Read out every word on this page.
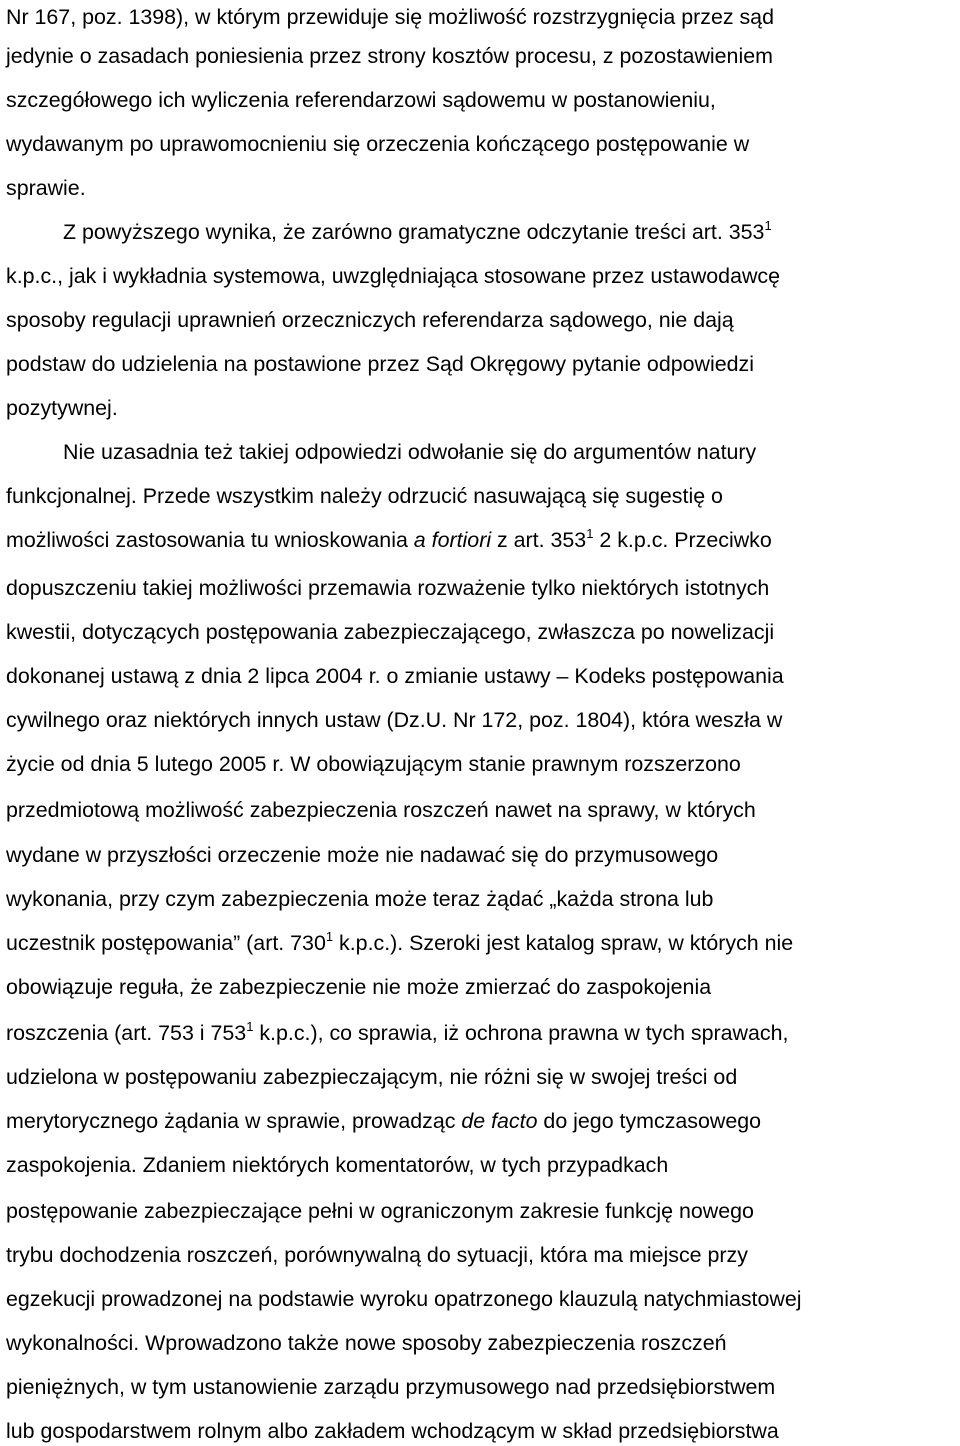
Nr 167, poz. 1398), w którym przewiduje się możliwość rozstrzygnięcia przez sąd
jedynie o zasadach poniesienia przez strony kosztów procesu, z pozostawieniem
szczegółowego ich wyliczenia referendarzowi sądowemu w postanowieniu,
wydawanym po uprawomocnieniu się orzeczenia kończącego postępowanie w
sprawie.
Z powyższego wynika, że zarówno gramatyczne odczytanie treści art. $353^1$
k.p.c., jak i wykładnia systemowa, uwzględniająca stosowane przez ustawodawcę
sposoby regulacji uprawnień orzeczniczych referendarza sądowego, nie dają
podstaw do udzielenia na postawione przez Sąd Okręgowy pytanie odpowiedzi
pozytywnej.
Nie uzasadnia też takiej odpowiedzi odwołanie się do argumentów natury
funkcjonalnej. Przede wszystkim należy odrzucić nasuwającą się sugestię o
możliwości zastosowania tu wnioskowania a fortiori z art. $353^1$ 2 k.p.c. Przeciwko
dopuszczeniu takiej możliwości przemawia rozważenie tylko niektórych istotnych
kwestii, dotyczących postępowania zabezpieczającego, zwłaszcza po nowelizacji
dokonanej ustawą z dnia 2 lipca 2004 r. o zmianie ustawy – Kodeks postępowania
cywilnego oraz niektórych innych ustaw (Dz.U. Nr 172, poz. 1804), która weszła w
życie od dnia 5 lutego 2005 r. W obowiązującym stanie prawnym rozszerzono
przedmiotową możliwość zabezpieczenia roszczeń nawet na sprawy, w których
wydane w przyszłości orzeczenie może nie nadawać się do przymusowego
wykonania, przy czym zabezpieczenia może teraz żądać „każda strona lub
uczestnik postępowania” (art. $730^1$ k.p.c.). Szeroki jest katalog spraw, w których nie
obowiązuje reguła, że zabezpieczenie nie może zmierzać do zaspokojenia
roszczenia (art. 753 i $753^1$ k.p.c.), co sprawia, iż ochrona prawna w tych sprawach,
udzielona w postępowaniu zabezpieczającym, nie różni się w swojej treści od
merytorycznego żądania w sprawie, prowadząc de facto do jego tymczasowego
zaspokojenia. Zdaniem niektórych komentatorów, w tych przypadkach
postępowanie zabezpieczające pełni w ograniczonym zakresie funkcję nowego
trybu dochodzenia roszczeń, porównywalną do sytuacji, która ma miejsce przy
egzekucji prowadzonej na podstawie wyroku opatrzonego klauzulą natychmiastowej
wykonalności. Wprowadzono także nowe sposoby zabezpieczenia roszczeń
pieniężnych, w tym ustanowienie zarządu przymusowego nad przedsiębiorstwem
lub gospodarstwem rolnym albo zakładem wchodzącym w skład przedsiębiorstwa
